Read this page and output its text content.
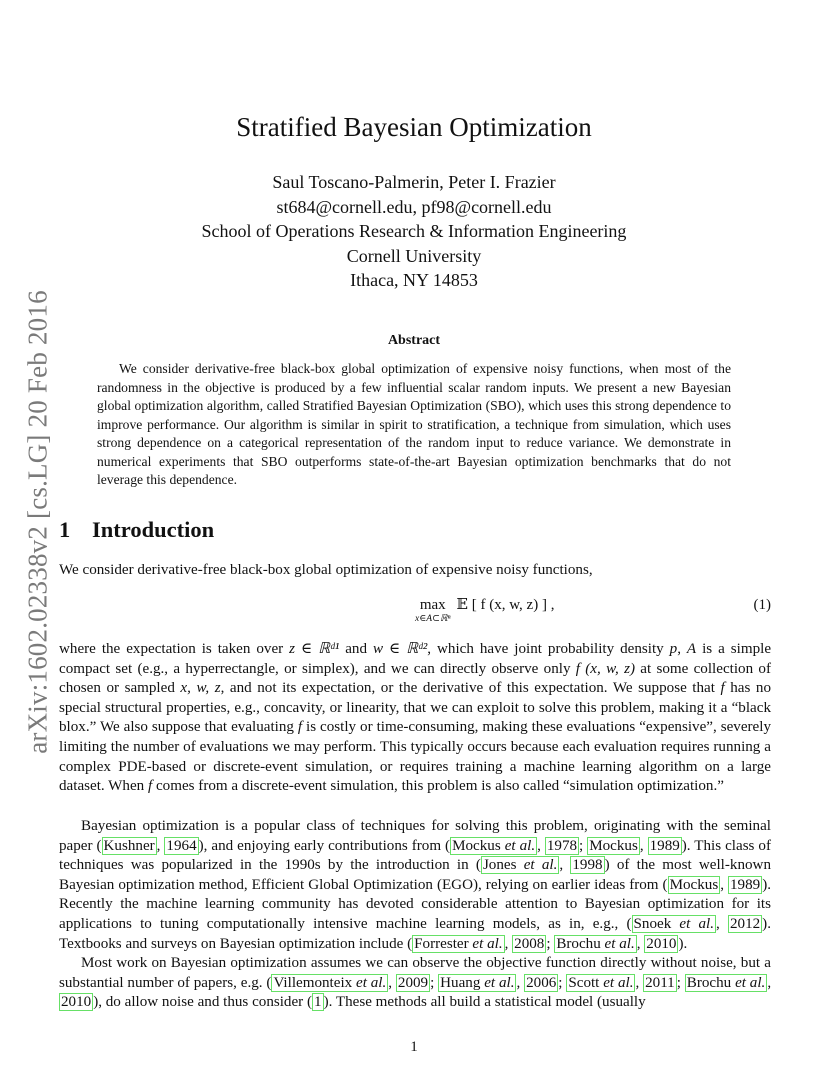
arXiv:1602.02338v2 [cs.LG] 20 Feb 2016
Stratified Bayesian Optimization
Saul Toscano-Palmerin, Peter I. Frazier
st684@cornell.edu, pf98@cornell.edu
School of Operations Research & Information Engineering
Cornell University
Ithaca, NY 14853
Abstract

We consider derivative-free black-box global optimization of expensive noisy functions, when most of the randomness in the objective is produced by a few influential scalar random inputs. We present a new Bayesian global optimization algorithm, called Stratified Bayesian Optimization (SBO), which uses this strong dependence to improve performance. Our algorithm is similar in spirit to stratification, a technique from simulation, which uses strong dependence on a categorical representation of the random input to reduce variance. We demonstrate in numerical experiments that SBO outperforms state-of-the-art Bayesian optimization benchmarks that do not leverage this dependence.

1 Introduction

We consider derivative-free black-box global optimization of expensive noisy functions,

max
x∈A⊂ℝⁿ
𝔼 [ f (x, w, z) ] ,	(1)

where the expectation is taken over z ∈ ℝᵈ¹ and w ∈ ℝᵈ², which have joint probability density p, A is a simple compact set (e.g., a hyperrectangle, or simplex), and we can directly observe only f (x, w, z) at some collection of chosen or sampled x, w, z, and not its expectation, or the derivative of this expectation. We suppose that f has no special structural properties, e.g., concavity, or linearity, that we can exploit to solve this problem, making it a “black blox.” We also suppose that evaluating f is costly or time-consuming, making these evaluations “expensive”, severely limiting the number of evaluations we may perform. This typically occurs because each evaluation requires running a complex PDE-based or discrete-event simulation, or requires training a machine learning algorithm on a large dataset. When f comes from a discrete-event simulation, this problem is also called “simulation optimization.”

Bayesian optimization is a popular class of techniques for solving this problem, originating with the seminal paper ( Kushner , 1964 ), and enjoying early contributions from ( Mockus et al. , 1978 ; Mockus , 1989 ). This class of techniques was popularized in the 1990s by the introduction in ( Jones et al. , 1998 ) of the most well-known Bayesian optimization method, Efficient Global Optimization (EGO), relying on earlier ideas from ( Mockus , 1989 ). Recently the machine learning community has devoted considerable attention to Bayesian optimization for its applications to tuning computationally intensive machine learning models, as in, e.g., ( Snoek et al. , 2012 ). Textbooks and surveys on Bayesian optimization include ( Forrester et al. , 2008 ; Brochu et al. , 2010 ).

Most work on Bayesian optimization assumes we can observe the objective function directly without noise, but a substantial number of papers, e.g. ( Villemonteix et al. , 2009 ; Huang et al. , 2006 ; Scott et al. , 2011 ; Brochu et al. , 2010 ), do allow noise and thus consider ( 1 ). These methods all build a statistical model (usually

1
